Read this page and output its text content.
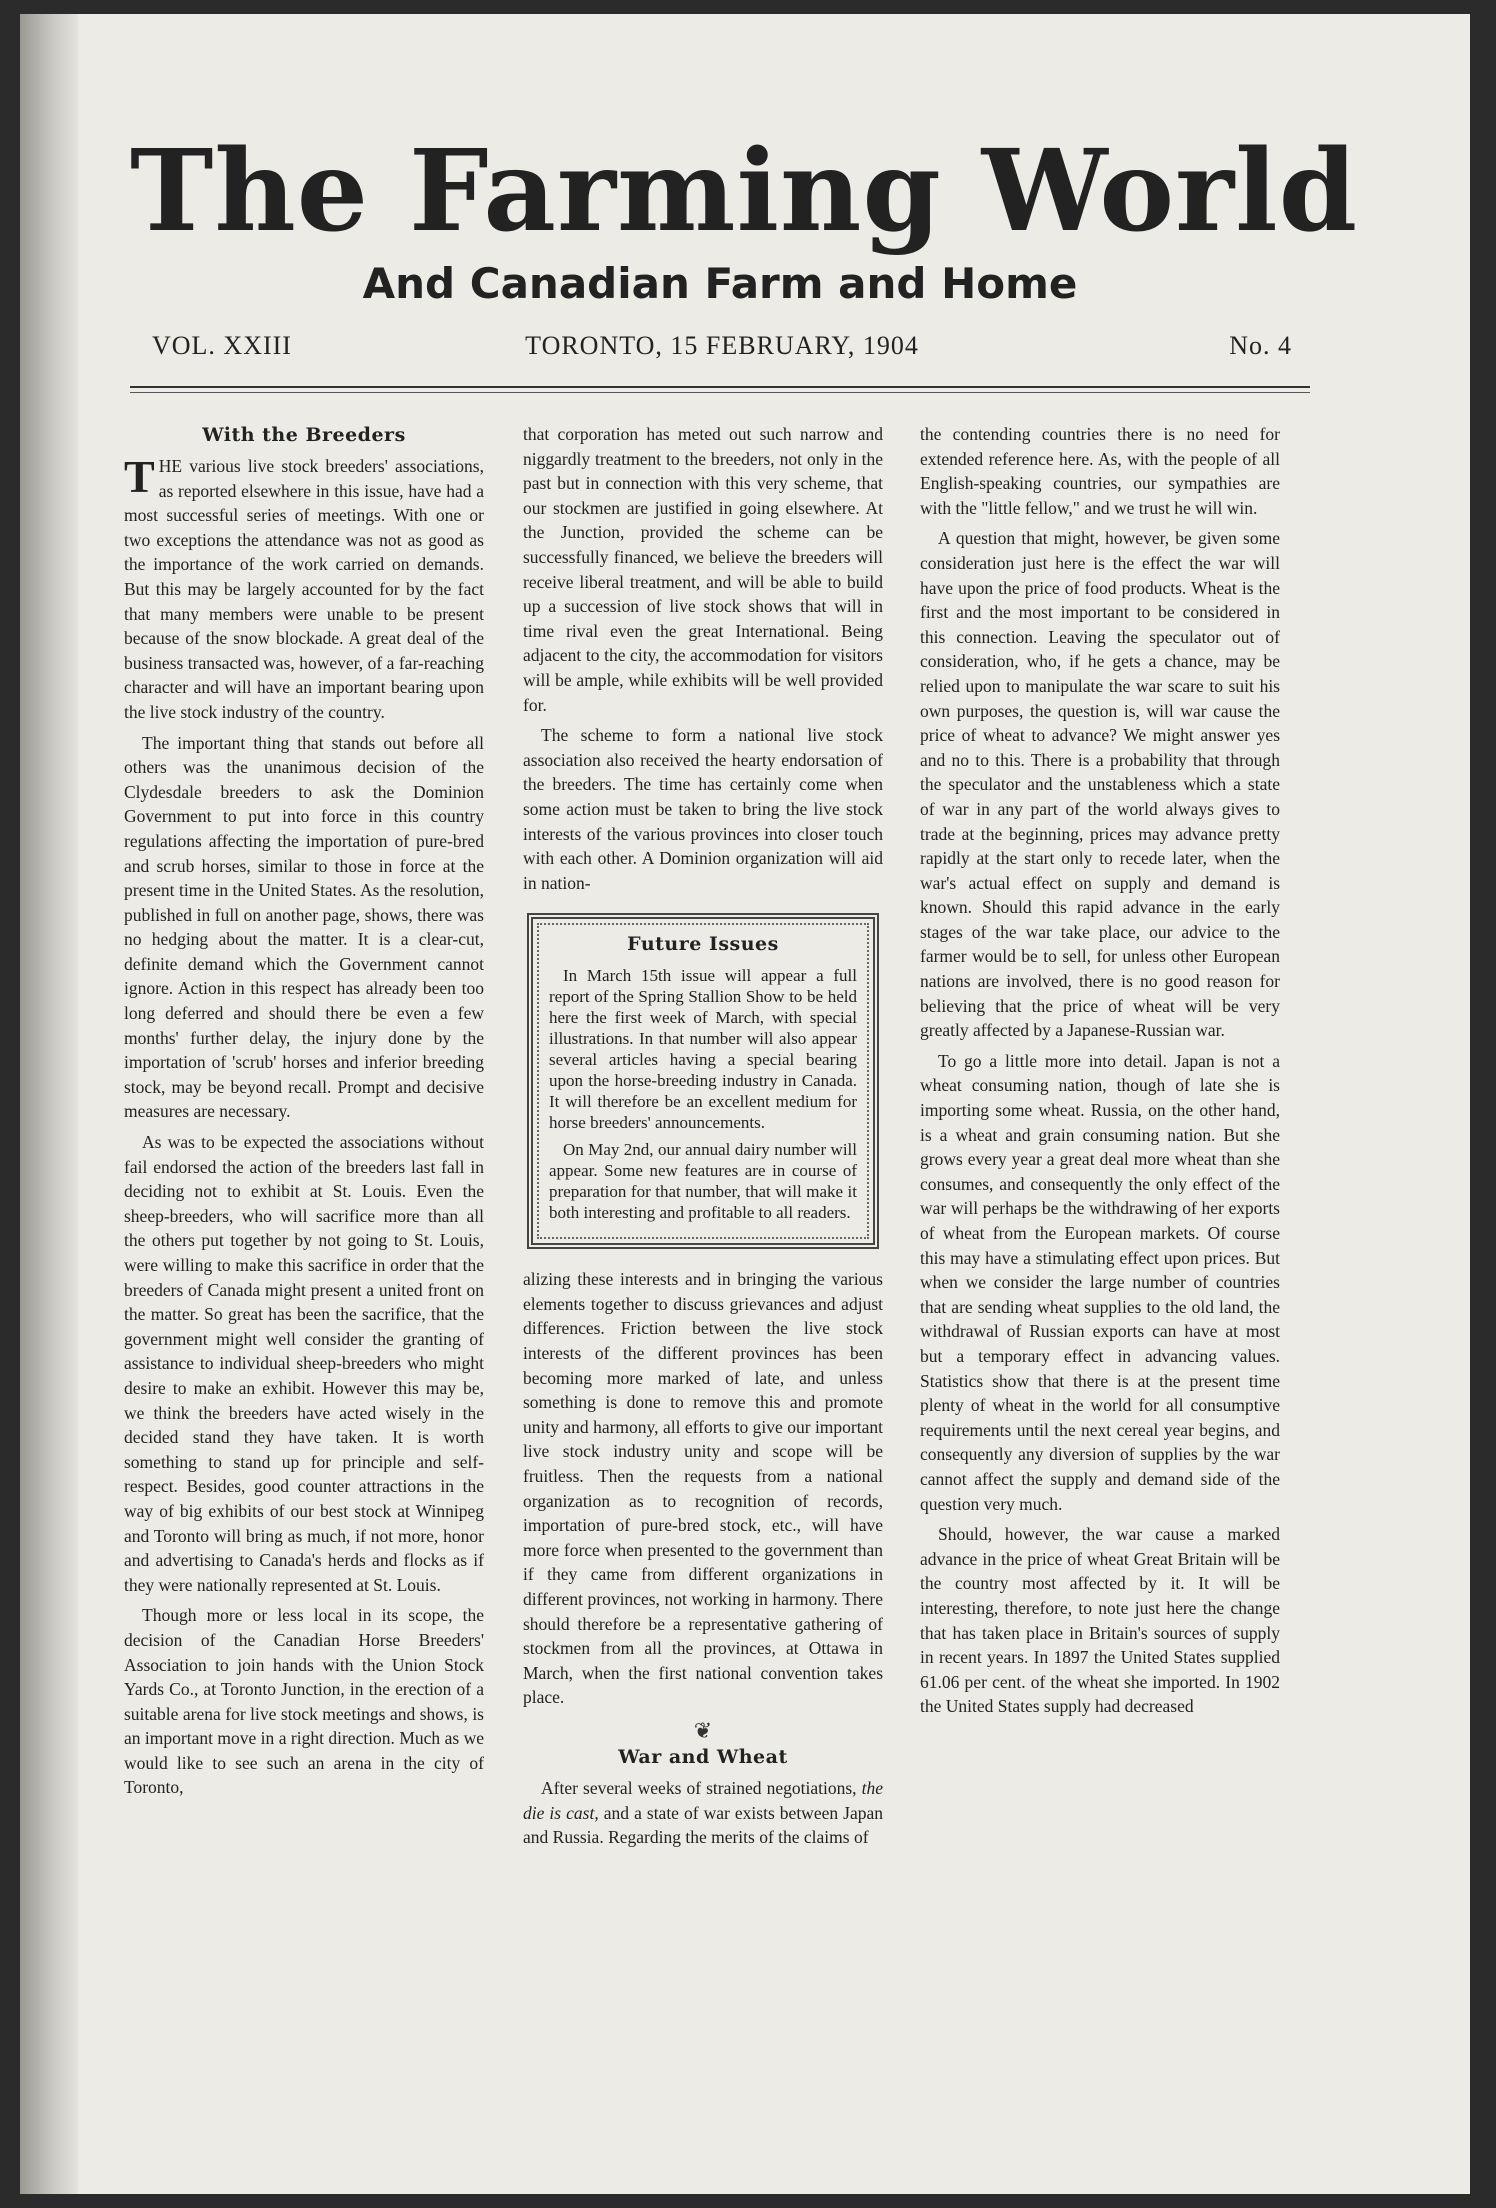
The Farming World
And Canadian Farm and Home
TORONTO, 15 FEBRUARY, 1904
VOL. XXIII	No. 4
With the Breeders

THE various live stock breeders' associations, as reported elsewhere in this issue, have had a most successful series of meetings. With one or two exceptions the attendance was not as good as the importance of the work carried on demands. But this may be largely accounted for by the fact that many members were unable to be present because of the snow blockade. A great deal of the business transacted was, however, of a far-reaching character and will have an important bearing upon the live stock industry of the country.

The important thing that stands out before all others was the unanimous decision of the Clydesdale breeders to ask the Dominion Government to put into force in this country regulations affecting the importation of pure-bred and scrub horses, similar to those in force at the present time in the United States. As the resolution, published in full on another page, shows, there was no hedging about the matter. It is a clear-cut, definite demand which the Government cannot ignore. Action in this respect has already been too long deferred and should there be even a few months' further delay, the injury done by the importation of 'scrub' horses and inferior breeding stock, may be beyond recall. Prompt and decisive measures are necessary.

As was to be expected the associations without fail endorsed the action of the breeders last fall in deciding not to exhibit at St. Louis. Even the sheep-breeders, who will sacrifice more than all the others put together by not going to St. Louis, were willing to make this sacrifice in order that the breeders of Canada might present a united front on the matter. So great has been the sacrifice, that the government might well consider the granting of assistance to individual sheep-breeders who might desire to make an exhibit. However this may be, we think the breeders have acted wisely in the decided stand they have taken. It is worth something to stand up for principle and self-respect. Besides, good counter attractions in the way of big exhibits of our best stock at Winnipeg and Toronto will bring as much, if not more, honor and advertising to Canada's herds and flocks as if they were nationally represented at St. Louis.

Though more or less local in its scope, the decision of the Canadian Horse Breeders' Association to join hands with the Union Stock Yards Co., at Toronto Junction, in the erection of a suitable arena for live stock meetings and shows, is an important move in a right direction. Much as we would like to see such an arena in the city of Toronto,

that corporation has meted out such narrow and niggardly treatment to the breeders, not only in the past but in connection with this very scheme, that our stockmen are justified in going elsewhere. At the Junction, provided the scheme can be successfully financed, we believe the breeders will receive liberal treatment, and will be able to build up a succession of live stock shows that will in time rival even the great International. Being adjacent to the city, the accommodation for visitors will be ample, while exhibits will be well provided for.

The scheme to form a national live stock association also received the hearty endorsation of the breeders. The time has certainly come when some action must be taken to bring the live stock interests of the various provinces into closer touch with each other. A Dominion organization will aid in nation-

Future Issues

In March 15th issue will appear a full report of the Spring Stallion Show to be held here the first week of March, with special illustrations. In that number will also appear several articles having a special bearing upon the horse-breeding industry in Canada. It will therefore be an excellent medium for horse breeders' announcements.

On May 2nd, our annual dairy number will appear. Some new features are in course of preparation for that number, that will make it both interesting and profitable to all readers.

alizing these interests and in bringing the various elements together to discuss grievances and adjust differences. Friction between the live stock interests of the different provinces has been becoming more marked of late, and unless something is done to remove this and promote unity and harmony, all efforts to give our important live stock industry unity and scope will be fruitless. Then the requests from a national organization as to recognition of records, importation of pure-bred stock, etc., will have more force when presented to the government than if they came from different organizations in different provinces, not working in harmony. There should therefore be a representative gathering of stockmen from all the provinces, at Ottawa in March, when the first national convention takes place.

❦
War and Wheat

After several weeks of strained negotiations, the die is cast, and a state of war exists between Japan and Russia. Regarding the merits of the claims of

the contending countries there is no need for extended reference here. As, with the people of all English-speaking countries, our sympathies are with the "little fellow," and we trust he will win.

A question that might, however, be given some consideration just here is the effect the war will have upon the price of food products. Wheat is the first and the most important to be considered in this connection. Leaving the speculator out of consideration, who, if he gets a chance, may be relied upon to manipulate the war scare to suit his own purposes, the question is, will war cause the price of wheat to advance? We might answer yes and no to this. There is a probability that through the speculator and the unstableness which a state of war in any part of the world always gives to trade at the beginning, prices may advance pretty rapidly at the start only to recede later, when the war's actual effect on supply and demand is known. Should this rapid advance in the early stages of the war take place, our advice to the farmer would be to sell, for unless other European nations are involved, there is no good reason for believing that the price of wheat will be very greatly affected by a Japanese-Russian war.

To go a little more into detail. Japan is not a wheat consuming nation, though of late she is importing some wheat. Russia, on the other hand, is a wheat and grain consuming nation. But she grows every year a great deal more wheat than she consumes, and consequently the only effect of the war will perhaps be the withdrawing of her exports of wheat from the European markets. Of course this may have a stimulating effect upon prices. But when we consider the large number of countries that are sending wheat supplies to the old land, the withdrawal of Russian exports can have at most but a temporary effect in advancing values. Statistics show that there is at the present time plenty of wheat in the world for all consumptive requirements until the next cereal year begins, and consequently any diversion of supplies by the war cannot affect the supply and demand side of the question very much.

Should, however, the war cause a marked advance in the price of wheat Great Britain will be the country most affected by it. It will be interesting, therefore, to note just here the change that has taken place in Britain's sources of supply in recent years. In 1897 the United States supplied 61.06 per cent. of the wheat she imported. In 1902 the United States supply had decreased
